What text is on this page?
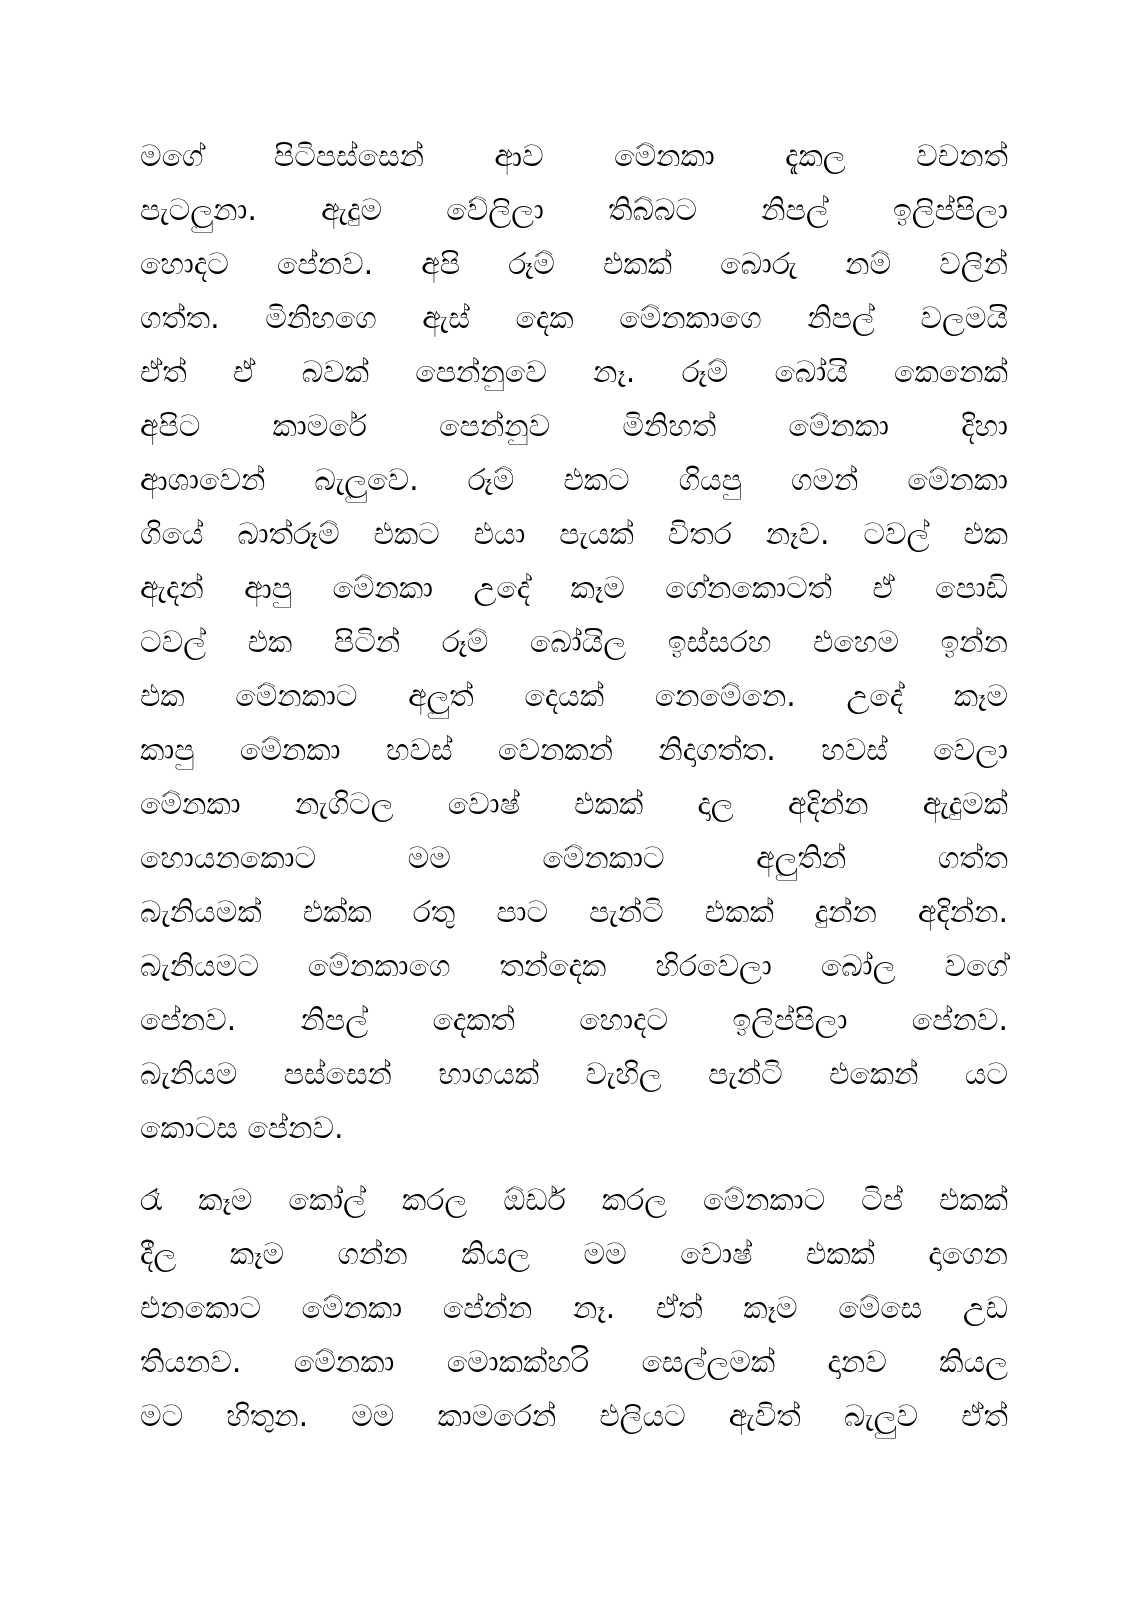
මගේ පිටිපස්සෙන් ආව මේනකා දැකල වචනත්
පැටලුනා. ඇදුම වේලිලා තිබ්බට නිපල් ඉලිප්පිලා
හොදට පේනව. අපි රූම් එකක් බොරු නම් වලින්
ගත්ත. මිනිහගෙ ඇස් දෙක මේනකාගෙ නිපල් වලමයි
ඒත් ඒ බවක් පෙන්නුවෙ නෑ. රූම් බෝයි කෙනෙක්
අපිට කාමරේ පෙන්නුව මිනිහත් මේනකා දිහා
ආශාවෙන් බැලුවෙ. රූම් එකට ගියපු ගමන් මේනකා
ගියේ බාත්රූම් එකට එයා පැයක් විතර නෑව. ටවල් එක
ඇදන් ආපු මේනකා උදේ කෑම ගේනකොටත් ඒ පොඩි
ටවල් එක පිටින් රූම් බෝයිල ඉස්සරහ එහෙම ඉන්න
එක මේනකාට අලුත් දෙයක් නෙමේනෙ. උදේ කෑම
කාපු මේනකා හවස් වෙනකන් නිදාගත්ත. හවස් වෙලා
මේනකා නැගිටල වොෂ් එකක් දාල අදින්න ඇදුමක්
හොයනකොට මම මේනකාට අලුතින් ගත්ත
බැනියමක් එක්ක රතු පාට පැන්ටි එකක් දුන්න අදින්න.
බැනියමට මේනකාගෙ තන්දෙක හිරවෙලා බෝල වගේ
පේනව. නිපල් දෙකත් හොදට ඉලිප්පිලා පේනව.
බැනියම පස්සෙන් භාගයක් වැහිල පැන්ටි එකෙන් යට
කොටස පේනව.
රෑ කෑම කෝල් කරල ඕඩර් කරල මේනකාට ටිප් එකක්
දීල කෑම ගන්න කියල මම වොෂ් එකක් දාගෙන
එනකොට මේනකා පේන්න නෑ. ඒත් කෑම මේසෙ උඩ
තියනව. මේනකා මොකක්හරි සෙල්ලමක් දානව කියල
මට හිතුන. මම කාමරෙන් එලියට ඇවිත් බැලුව ඒත්
